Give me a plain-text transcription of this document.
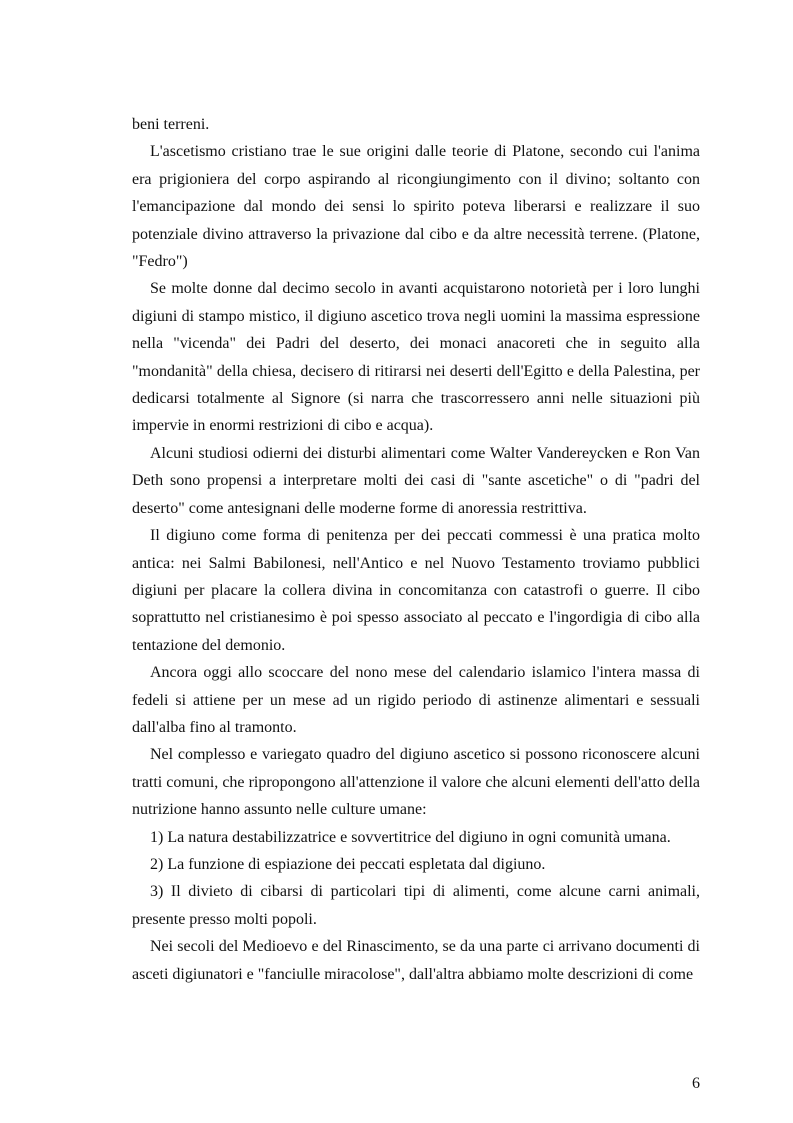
beni terreni.

L'ascetismo cristiano trae le sue origini dalle teorie di Platone, secondo cui l'anima era prigioniera del corpo aspirando al ricongiungimento con il divino; soltanto con l'emancipazione dal mondo dei sensi lo spirito poteva liberarsi e realizzare il suo potenziale divino attraverso la privazione dal cibo e da altre necessità terrene. (Platone, "Fedro")

Se molte donne dal decimo secolo in avanti acquistarono notorietà per i loro lunghi digiuni di stampo mistico, il digiuno ascetico trova negli uomini la massima espressione nella "vicenda" dei Padri del deserto, dei monaci anacoreti che in seguito alla "mondanità" della chiesa, decisero di ritirarsi nei deserti dell'Egitto e della Palestina, per dedicarsi totalmente al Signore (si narra che trascorressero anni nelle situazioni più impervie in enormi restrizioni di cibo e acqua).

Alcuni studiosi odierni dei disturbi alimentari come Walter Vandereycken e Ron Van Deth sono propensi a interpretare molti dei casi di "sante ascetiche" o di "padri del deserto" come antesignani delle moderne forme di anoressia restrittiva.

Il digiuno come forma di penitenza per dei peccati commessi è una pratica molto antica: nei Salmi Babilonesi, nell'Antico e nel Nuovo Testamento troviamo pubblici digiuni per placare la collera divina in concomitanza con catastrofi o guerre. Il cibo soprattutto nel cristianesimo è poi spesso associato al peccato e l'ingordigia di cibo alla tentazione del demonio.

Ancora oggi allo scoccare del nono mese del calendario islamico l'intera massa di fedeli si attiene per un mese ad un rigido periodo di astinenze alimentari e sessuali dall'alba fino al tramonto.

Nel complesso e variegato quadro del digiuno ascetico si possono riconoscere alcuni tratti comuni, che ripropongono all'attenzione il valore che alcuni elementi dell'atto della nutrizione hanno assunto nelle culture umane:

1) La natura destabilizzatrice e sovvertitrice del digiuno in ogni comunità umana.

2) La funzione di espiazione dei peccati espletata dal digiuno.

3) Il divieto di cibarsi di particolari tipi di alimenti, come alcune carni animali, presente presso molti popoli.

Nei secoli del Medioevo e del Rinascimento, se da una parte ci arrivano documenti di asceti digiunatori e "fanciulle miracolose", dall'altra abbiamo molte descrizioni di come

6
